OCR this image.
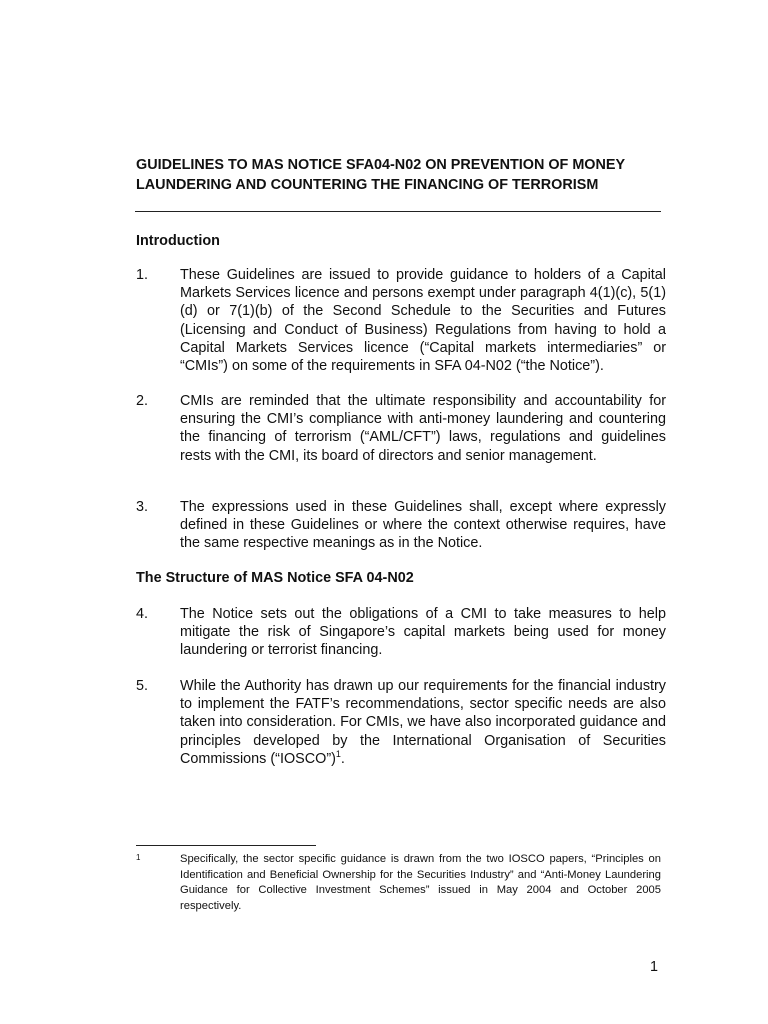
GUIDELINES TO MAS NOTICE SFA04-N02 ON PREVENTION OF MONEY LAUNDERING AND COUNTERING THE FINANCING OF TERRORISM
Introduction
1.	These Guidelines are issued to provide guidance to holders of a Capital Markets Services licence and persons exempt under paragraph 4(1)(c), 5(1)(d) or 7(1)(b) of the Second Schedule to the Securities and Futures (Licensing and Conduct of Business) Regulations from having to hold a Capital Markets Services licence (“Capital markets intermediaries” or “CMIs”) on some of the requirements in SFA 04-N02 (“the Notice”).
2.	CMIs are reminded that the ultimate responsibility and accountability for ensuring the CMI’s compliance with anti-money laundering and countering the financing of terrorism (“AML/CFT”) laws, regulations and guidelines rests with the CMI, its board of directors and senior management.
3.	The expressions used in these Guidelines shall, except where expressly defined in these Guidelines or where the context otherwise requires, have the same respective meanings as in the Notice.
The Structure of MAS Notice SFA 04-N02
4.	The Notice sets out the obligations of a CMI to take measures to help mitigate the risk of Singapore’s capital markets being used for money laundering or terrorist financing.
5.	While the Authority has drawn up our requirements for the financial industry to implement the FATF’s recommendations, sector specific needs are also taken into consideration. For CMIs, we have also incorporated guidance and principles developed by the International Organisation of Securities Commissions (“IOSCO”)$^1$.
1	Specifically, the sector specific guidance is drawn from the two IOSCO papers, “Principles on Identification and Beneficial Ownership for the Securities Industry” and “Anti-Money Laundering Guidance for Collective Investment Schemes” issued in May 2004 and October 2005 respectively.
1
